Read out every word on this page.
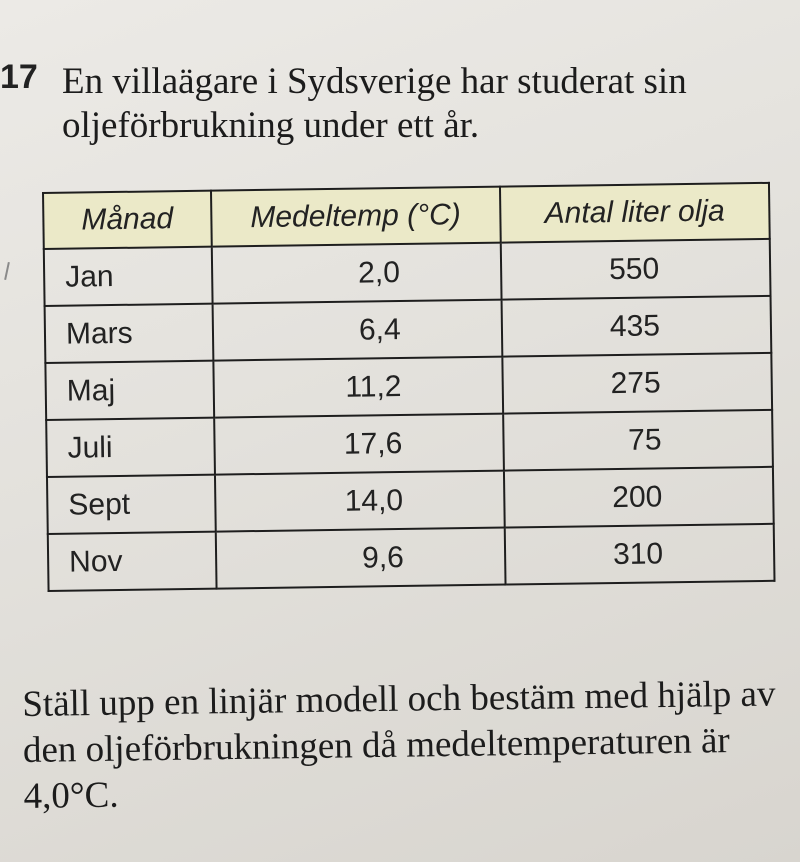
17 En villaägare i Sydsverige har studerat sin oljeförbrukning under ett år.

Månad	Medeltemp (°C)	Antal liter olja
Jan	2,0	550
Mars	6,4	435
Maj	11,2	275
Juli	17,6	75
Sept	14,0	200
Nov	9,6	310

Ställ upp en linjär modell och bestäm med hjälp av den oljeförbrukningen då medeltemperaturen är 4,0°C.
